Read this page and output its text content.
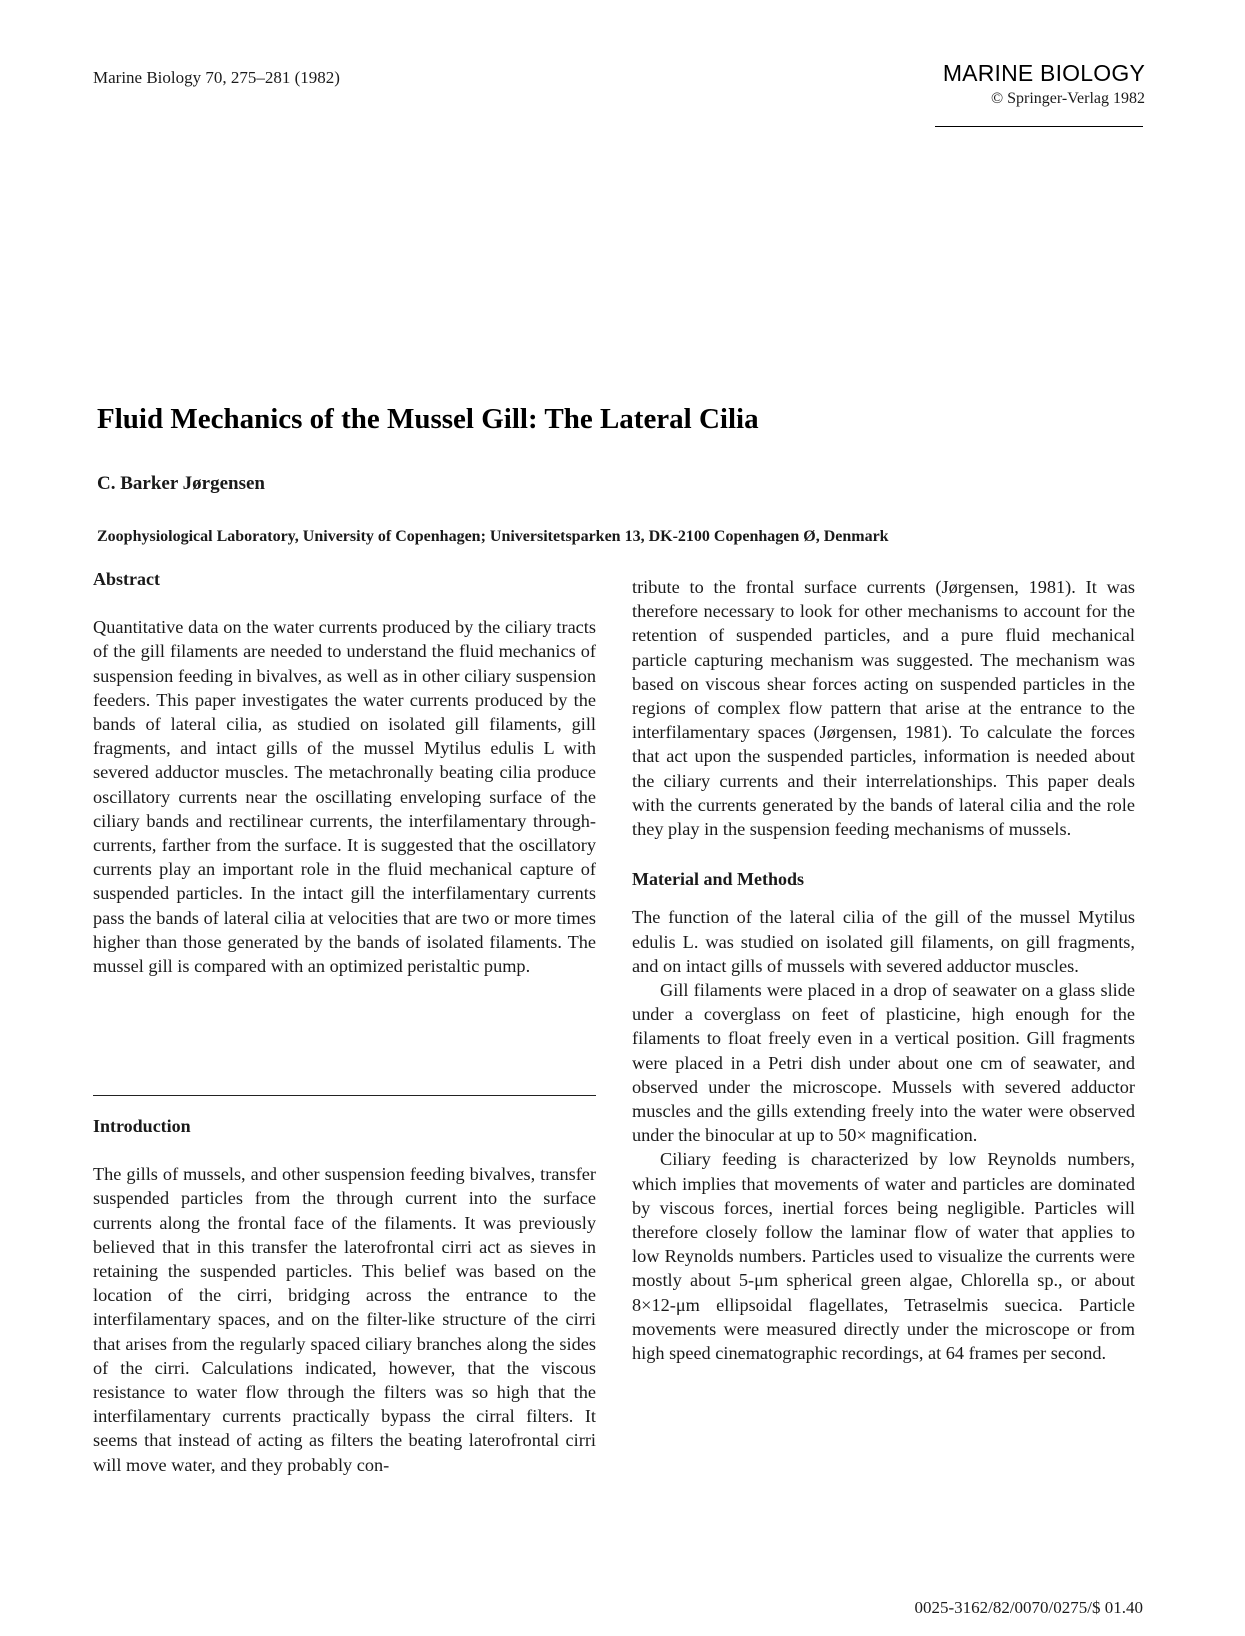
Marine Biology 70, 275–281 (1982)	MARINE BIOLOGY
© Springer-Verlag 1982
Fluid Mechanics of the Mussel Gill: The Lateral Cilia
C. Barker Jørgensen
Zoophysiological Laboratory, University of Copenhagen; Universitetsparken 13, DK-2100 Copenhagen Ø, Denmark

Abstract

Quantitative data on the water currents produced by the ciliary tracts of the gill filaments are needed to understand the fluid mechanics of suspension feeding in bivalves, as well as in other ciliary suspension feeders. This paper investigates the water currents produced by the bands of lateral cilia, as studied on isolated gill filaments, gill fragments, and intact gills of the mussel Mytilus edulis L with severed adductor muscles. The metachronally beating cilia produce oscillatory currents near the oscillating enveloping surface of the ciliary bands and rectilinear currents, the interfilamentary through-currents, farther from the surface. It is suggested that the oscillatory currents play an important role in the fluid mechanical capture of suspended particles. In the intact gill the interfilamentary currents pass the bands of lateral cilia at velocities that are two or more times higher than those generated by the bands of isolated filaments. The mussel gill is compared with an optimized peristaltic pump.

Introduction

The gills of mussels, and other suspension feeding bivalves, transfer suspended particles from the through current into the surface currents along the frontal face of the filaments. It was previously believed that in this transfer the laterofrontal cirri act as sieves in retaining the suspended particles. This belief was based on the location of the cirri, bridging across the entrance to the interfilamentary spaces, and on the filter-like structure of the cirri that arises from the regularly spaced ciliary branches along the sides of the cirri. Calculations indicated, however, that the viscous resistance to water flow through the filters was so high that the interfilamentary currents practically bypass the cirral filters. It seems that instead of acting as filters the beating laterofrontal cirri will move water, and they probably con-

tribute to the frontal surface currents (Jørgensen, 1981). It was therefore necessary to look for other mechanisms to account for the retention of suspended particles, and a pure fluid mechanical particle capturing mechanism was suggested. The mechanism was based on viscous shear forces acting on suspended particles in the regions of complex flow pattern that arise at the entrance to the interfilamentary spaces (Jørgensen, 1981). To calculate the forces that act upon the suspended particles, information is needed about the ciliary currents and their interrelationships. This paper deals with the currents generated by the bands of lateral cilia and the role they play in the suspension feeding mechanisms of mussels.

Material and Methods

The function of the lateral cilia of the gill of the mussel Mytilus edulis L. was studied on isolated gill filaments, on gill fragments, and on intact gills of mussels with severed adductor muscles.

Gill filaments were placed in a drop of seawater on a glass slide under a coverglass on feet of plasticine, high enough for the filaments to float freely even in a vertical position. Gill fragments were placed in a Petri dish under about one cm of seawater, and observed under the microscope. Mussels with severed adductor muscles and the gills extending freely into the water were observed under the binocular at up to 50× magnification.

Ciliary feeding is characterized by low Reynolds numbers, which implies that movements of water and particles are dominated by viscous forces, inertial forces being negligible. Particles will therefore closely follow the laminar flow of water that applies to low Reynolds numbers. Particles used to visualize the currents were mostly about 5-μm spherical green algae, Chlorella sp., or about 8×12-μm ellipsoidal flagellates, Tetraselmis suecica. Particle movements were measured directly under the microscope or from high speed cinematographic recordings, at 64 frames per second.

0025-3162/82/0070/0275/$ 01.40
